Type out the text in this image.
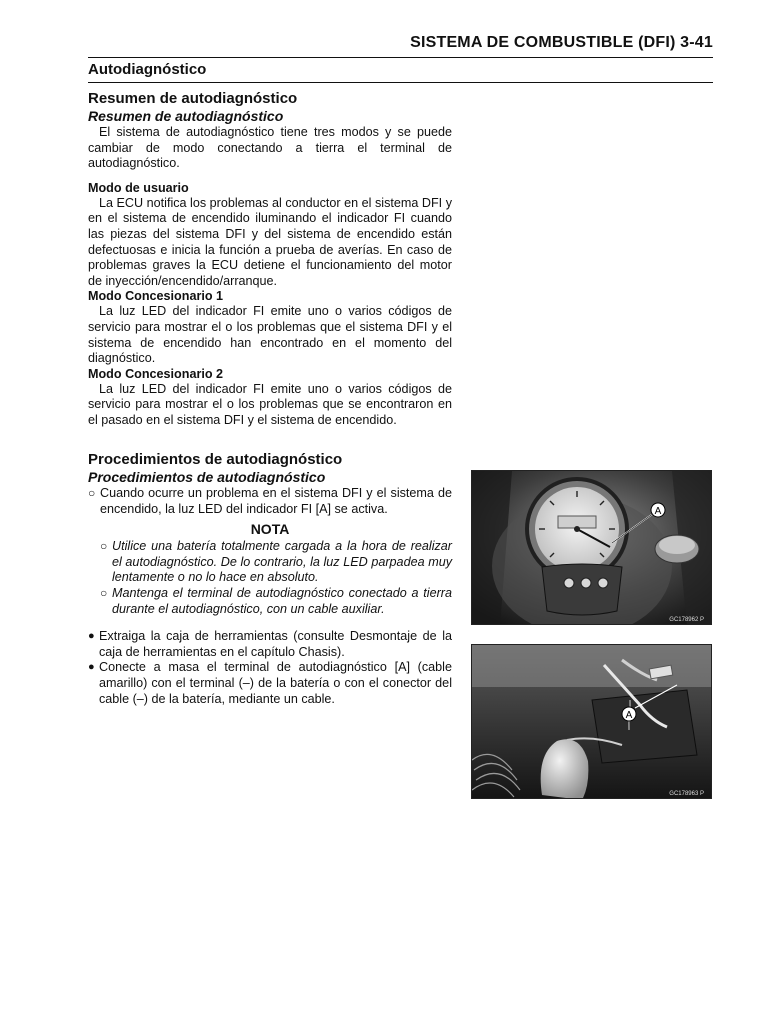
SISTEMA DE COMBUSTIBLE (DFI) 3-41
Autodiagnóstico
Resumen de autodiagnóstico
Resumen de autodiagnóstico

El sistema de autodiagnóstico tiene tres modos y se puede cambiar de modo conectando a tierra el terminal de autodiagnóstico.

Modo de usuario

La ECU notifica los problemas al conductor en el sistema DFI y en el sistema de encendido iluminando el indicador FI cuando las piezas del sistema DFI y del sistema de encendido están defectuosas e inicia la función a prueba de averías. En caso de problemas graves la ECU detiene el funcionamiento del motor de inyección/encendido/arranque.

Modo Concesionario 1

La luz LED del indicador FI emite uno o varios códigos de servicio para mostrar el o los problemas que el sistema DFI y el sistema de encendido han encontrado en el momento del diagnóstico.

Modo Concesionario 2

La luz LED del indicador FI emite uno o varios códigos de servicio para mostrar el o los problemas que se encontraron en el pasado en el sistema DFI y el sistema de encendido.

Procedimientos de autodiagnóstico
Procedimientos de autodiagnóstico
○ Cuando ocurre un problema en el sistema DFI y el sistema de encendido, la luz LED del indicador FI [A] se activa.
NOTA
○ Utilice una batería totalmente cargada a la hora de realizar el autodiagnóstico. De lo contrario, la luz LED parpadea muy lentamente o no lo hace en absoluto.
○ Mantenga el terminal de autodiagnóstico conectado a tierra durante el autodiagnóstico, con un cable auxiliar.
● Extraiga la caja de herramientas (consulte Desmontaje de la caja de herramientas en el capítulo Chasis).
● Conecte a masa el terminal de autodiagnóstico [A] (cable amarillo) con el terminal (–) de la batería o con el conector del cable (–) de la batería, mediante un cable.
A
GC178962 P
A
GC178963 P
